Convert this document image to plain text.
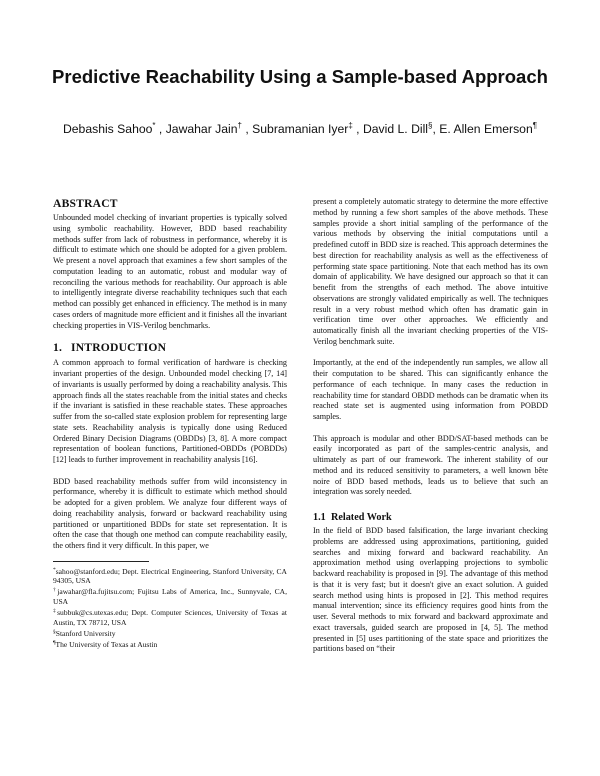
Predictive Reachability Using a Sample-based Approach
Debashis Sahoo* , Jawahar Jain† , Subramanian Iyer‡ , David L. Dill§, E. Allen Emerson¶
ABSTRACT

Unbounded model checking of invariant properties is typically solved using symbolic reachability. However, BDD based reachability methods suffer from lack of robustness in performance, whereby it is difficult to estimate which one should be adopted for a given problem. We present a novel approach that examines a few short samples of the computation leading to an automatic, robust and modular way of reconciling the various methods for reachability. Our approach is able to intelligently integrate diverse reachability techniques such that each method can possibly get enhanced in efficiency. The method is in many cases orders of magnitude more efficient and it finishes all the invariant checking properties in VIS-Verilog benchmarks.

1. INTRODUCTION

A common approach to formal verification of hardware is checking invariant properties of the design. Unbounded model checking [7, 14] of invariants is usually performed by doing a reachability analysis. This approach finds all the states reachable from the initial states and checks if the invariant is satisfied in these reachable states. These approaches suffer from the so-called state explosion problem for representing large state sets. Reachability analysis is typically done using Reduced Ordered Binary Decision Diagrams (OBDDs) [3, 8]. A more compact representation of boolean functions, Partitioned-OBDDs (POBDDs) [12] leads to further improvement in reachability analysis [16].

BDD based reachability methods suffer from wild inconsistency in performance, whereby it is difficult to estimate which method should be adopted for a given problem. We analyze four different ways of doing reachability analysis, forward or backward reachability using partitioned or unpartitioned BDDs for state set representation. It is often the case that though one method can compute reachability easily, the others find it very difficult. In this paper, we

*sahoo@stanford.edu; Dept. Electrical Engineering, Stanford University, CA 94305, USA

†jawahar@fla.fujitsu.com; Fujitsu Labs of America, Inc., Sunnyvale, CA, USA

‡subbuk@cs.utexas.edu; Dept. Computer Sciences, University of Texas at Austin, TX 78712, USA

§Stanford University

¶The University of Texas at Austin

present a completely automatic strategy to determine the more effective method by running a few short samples of the above methods. These samples provide a short initial sampling of the performance of the various methods by observing the initial computations until a predefined cutoff in BDD size is reached. This approach determines the best direction for reachability analysis as well as the effectiveness of performing state space partitioning. Note that each method has its own domain of applicability. We have designed our approach so that it can benefit from the strengths of each method. The above intuitive observations are strongly validated empirically as well. The techniques result in a very robust method which often has dramatic gain in verification time over other approaches. We efficiently and automatically finish all the invariant checking properties of the VIS-Verilog benchmark suite.

Importantly, at the end of the independently run samples, we allow all their computation to be shared. This can significantly enhance the performance of each technique. In many cases the reduction in reachability time for standard OBDD methods can be dramatic when its reached state set is augmented using information from POBDD samples.

This approach is modular and other BDD/SAT-based methods can be easily incorporated as part of the samples-centric analysis, and ultimately as part of our framework. The inherent stability of our method and its reduced sensitivity to parameters, a well known bête noire of BDD based methods, leads us to believe that such an integration was sorely needed.

1.1 Related Work

In the field of BDD based falsification, the large invariant checking problems are addressed using approximations, partitioning, guided searches and mixing forward and backward reachability. An approximation method using overlapping projections to symbolic backward reachability is proposed in [9]. The advantage of this method is that it is very fast; but it doesn't give an exact solution. A guided search method using hints is proposed in [2]. This method requires manual intervention; since its efficiency requires good hints from the user. Several methods to mix forward and backward approximate and exact traversals, guided search are proposed in [4, 5]. The method presented in [5] uses partitioning of the state space and prioritizes the partitions based on “their
